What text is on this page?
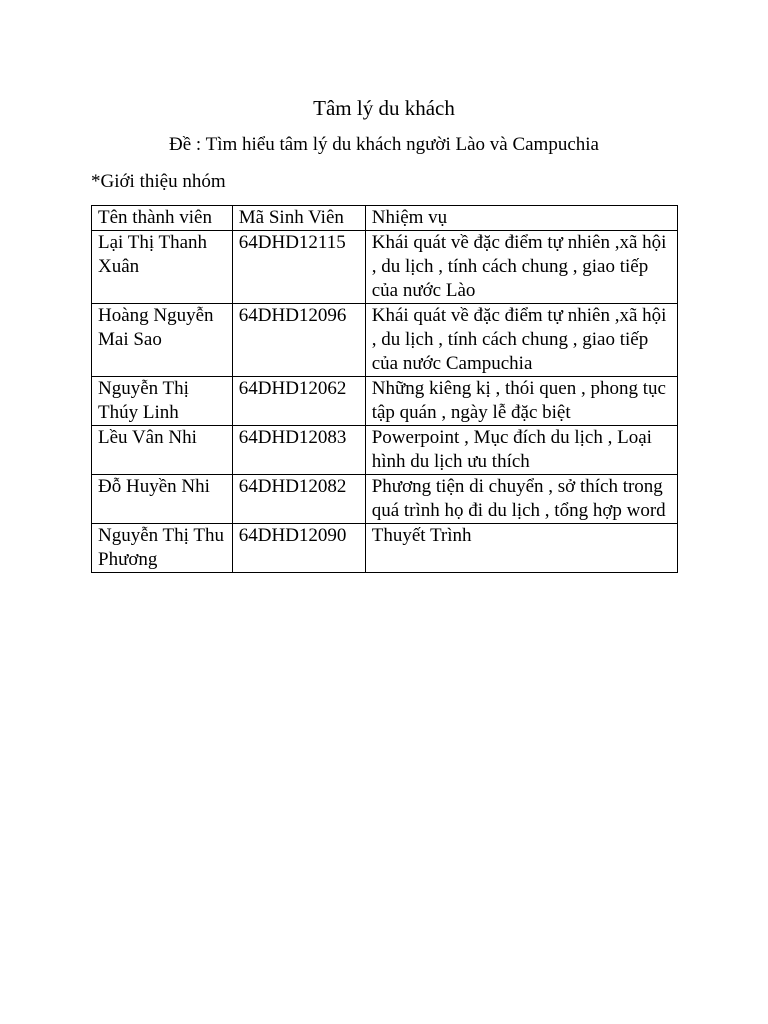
Tâm lý du khách
Đề : Tìm hiểu tâm lý du khách người Lào và Campuchia
*Giới thiệu nhóm
Tên thành viên	Mã Sinh Viên	Nhiệm vụ
Lại Thị Thanh Xuân	64DHD12115	Khái quát về đặc điểm tự nhiên ,xã hội , du lịch , tính cách chung , giao tiếp của nước Lào
Hoàng Nguyễn Mai Sao	64DHD12096	Khái quát về đặc điểm tự nhiên ,xã hội , du lịch , tính cách chung , giao tiếp của nước Campuchia
Nguyễn Thị Thúy Linh	64DHD12062	Những kiêng kị , thói quen , phong tục tập quán , ngày lễ đặc biệt
Lều Vân Nhi	64DHD12083	Powerpoint , Mục đích du lịch , Loại hình du lịch ưu thích
Đỗ Huyền Nhi	64DHD12082	Phương tiện di chuyển , sở thích trong quá trình họ đi du lịch , tổng hợp word
Nguyễn Thị Thu Phương	64DHD12090	Thuyết Trình
